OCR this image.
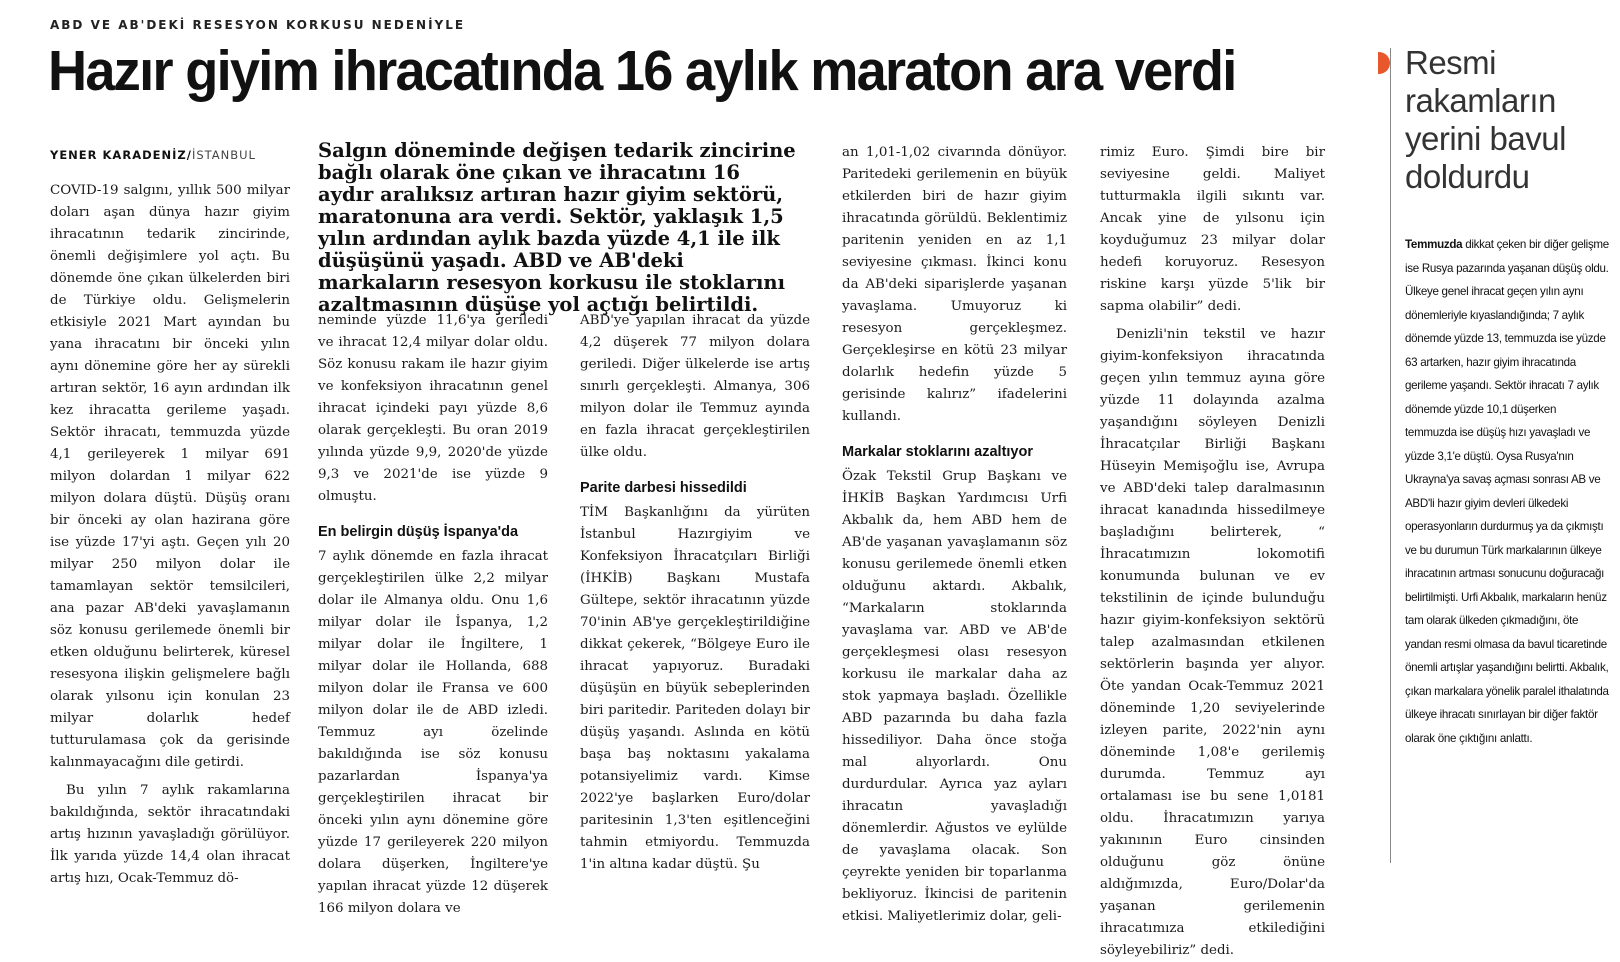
ABD VE AB'DEKİ RESESYON KORKUSU NEDENİYLE
Hazır giyim ihracatında 16 aylık maraton ara verdi
YENER KARADENİZ/İSTANBUL	Salgın döneminde değişen tedarik zincirine bağlı olarak öne çıkan ve ihracatını 16 aydır aralıksız artıran hazır giyim sektörü, maratonuna ara verdi. Sektör, yaklaşık 1,5 yılın ardından aylık bazda yüzde 4,1 ile ilk düşüşünü yaşadı. ABD ve AB'deki markaların resesyon korkusu ile stoklarını azaltmasının düşüşe yol açtığı belirtildi.

COVID-19 salgını, yıllık 500 milyar doları aşan dünya hazır giyim ihracatının tedarik zincirinde, önemli değişimlere yol açtı. Bu dönemde öne çıkan ülkelerden biri de Türkiye oldu. Gelişmelerin etkisiyle 2021 Mart ayından bu yana ihracatını bir önceki yılın aynı dönemine göre her ay sürekli artıran sektör, 16 ayın ardından ilk kez ihracatta gerileme yaşadı. Sektör ihracatı, temmuzda yüzde 4,1 gerileyerek 1 milyar 691 milyon dolardan 1 milyar 622 milyon dolara düştü. Düşüş oranı bir önceki ay olan hazirana göre ise yüzde 17'yi aştı. Geçen yılı 20 milyar 250 milyon dolar ile tamamlayan sektör temsilcileri, ana pazar AB'deki yavaşlamanın söz konusu gerilemede önemli bir etken olduğunu belirterek, küresel resesyona ilişkin gelişmelere bağlı olarak yılsonu için konulan 23 milyar dolarlık hedef tutturulamasa çok da gerisinde kalınmayacağını dile getirdi.

Bu yılın 7 aylık rakamlarına bakıldığında, sektör ihracatındaki artış hızının yavaşladığı görülüyor. İlk yarıda yüzde 14,4 olan ihracat artış hızı, Ocak-Temmuz dö-

neminde yüzde 11,6'ya geriledi ve ihracat 12,4 milyar dolar oldu. Söz konusu rakam ile hazır giyim ve konfeksiyon ihracatının genel ihracat içindeki payı yüzde 8,6 olarak gerçekleşti. Bu oran 2019 yılında yüzde 9,9, 2020'de yüzde 9,3 ve 2021'de ise yüzde 9 olmuştu.

En belirgin düşüş İspanya'da

7 aylık dönemde en fazla ihracat gerçekleştirilen ülke 2,2 milyar dolar ile Almanya oldu. Onu 1,6 milyar dolar ile İspanya, 1,2 milyar dolar ile İngiltere, 1 milyar dolar ile Hollanda, 688 milyon dolar ile Fransa ve 600 milyon dolar ile de ABD izledi. Temmuz ayı özelinde bakıldığında ise söz konusu pazarlardan İspanya'ya gerçekleştirilen ihracat bir önceki yılın aynı dönemine göre yüzde 17 gerileyerek 220 milyon dolara düşerken, İngiltere'ye yapılan ihracat yüzde 12 düşerek 166 milyon dolara ve

ABD'ye yapılan ihracat da yüzde 4,2 düşerek 77 milyon dolara geriledi. Diğer ülkelerde ise artış sınırlı gerçekleşti. Almanya, 306 milyon dolar ile Temmuz ayında en fazla ihracat gerçekleştirilen ülke oldu.

Parite darbesi hissedildi

TİM Başkanlığını da yürüten İstanbul Hazırgiyim ve Konfeksiyon İhracatçıları Birliği (İHKİB) Başkanı Mustafa Gültepe, sektör ihracatının yüzde 70'inin AB'ye gerçekleştirildiğine dikkat çekerek, “Bölgeye Euro ile ihracat yapıyoruz. Buradaki düşüşün en büyük sebeplerinden biri paritedir. Pariteden dolayı bir düşüş yaşandı. Aslında en kötü başa baş noktasını yakalama potansiyelimiz vardı. Kimse 2022'ye başlarken Euro/dolar paritesinin 1,3'ten eşitlenceğini tahmin etmiyordu. Temmuzda 1'in altına kadar düştü. Şu

an 1,01-1,02 civarında dönüyor. Paritedeki gerilemenin en büyük etkilerden biri de hazır giyim ihracatında görüldü. Beklentimiz paritenin yeniden en az 1,1 seviyesine çıkması. İkinci konu da AB'deki siparişlerde yaşanan yavaşlama. Umuyoruz ki resesyon gerçekleşmez. Gerçekleşirse en kötü 23 milyar dolarlık hedefin yüzde 5 gerisinde kalırız” ifadelerini kullandı.

Markalar stoklarını azaltıyor

Özak Tekstil Grup Başkanı ve İHKİB Başkan Yardımcısı Urfi Akbalık da, hem ABD hem de AB'de yaşanan yavaşlamanın söz konusu gerilemede önemli etken olduğunu aktardı. Akbalık, “Markaların stoklarında yavaşlama var. ABD ve AB'de gerçekleşmesi olası resesyon korkusu ile markalar daha az stok yapmaya başladı. Özellikle ABD pazarında bu daha fazla hissediliyor. Daha önce stoğa mal alıyorlardı. Onu durdurdular. Ayrıca yaz ayları ihracatın yavaşladığı dönemlerdir. Ağustos ve eylülde de yavaşlama olacak. Son çeyrekte yeniden bir toparlanma bekliyoruz. İkincisi de paritenin etkisi. Maliyetlerimiz dolar, geli-

rimiz Euro. Şimdi bire bir seviyesine geldi. Maliyet tutturmakla ilgili sıkıntı var. Ancak yine de yılsonu için koyduğumuz 23 milyar dolar hedefi koruyoruz. Resesyon riskine karşı yüzde 5'lik bir sapma olabilir” dedi.

Denizli'nin tekstil ve hazır giyim-konfeksiyon ihracatında geçen yılın temmuz ayına göre yüzde 11 dolayında azalma yaşandığını söyleyen Denizli İhracatçılar Birliği Başkanı Hüseyin Memişoğlu ise, Avrupa ve ABD'deki talep daralmasının ihracat kanadında hissedilmeye başladığını belirterek, “ İhracatımızın lokomotifi konumunda bulunan ve ev tekstilinin de içinde bulunduğu hazır giyim-konfeksiyon sektörü talep azalmasından etkilenen sektörlerin başında yer alıyor. Öte yandan Ocak-Temmuz 2021 döneminde 1,20 seviyelerinde izleyen parite, 2022'nin aynı döneminde 1,08'e gerilemiş durumda. Temmuz ayı ortalaması ise bu sene 1,0181 oldu. İhracatımızın yarıya yakınının Euro cinsinden olduğunu göz önüne aldığımızda, Euro/Dolar'da yaşanan gerilemenin ihracatımıza etkilediğini söyleyebiliriz” dedi.

Resmi rakamların yerini bavul doldurdu
Temmuzda dikkat çeken bir diğer gelişme ise Rusya pazarında yaşanan düşüş oldu. Ülkeye genel ihracat geçen yılın aynı dönemleriyle kıyaslandığında; 7 aylık dönemde yüzde 13, temmuzda ise yüzde 63 artarken, hazır giyim ihracatında gerileme yaşandı. Sektör ihracatı 7 aylık dönemde yüzde 10,1 düşerken temmuzda ise düşüş hızı yavaşladı ve yüzde 3,1'e düştü. Oysa Rusya'nın Ukrayna'ya savaş açması sonrası AB ve ABD'li hazır giyim devleri ülkedeki operasyonların durdurmuş ya da çıkmıştı ve bu durumun Türk markalarının ülkeye ihracatının artması sonucunu doğuracağı belirtilmişti. Urfi Akbalık, markaların henüz tam olarak ülkeden çıkmadığını, öte yandan resmi olmasa da bavul ticaretinde önemli artışlar yaşandığını belirtti. Akbalık, çıkan markalara yönelik paralel ithalatında ülkeye ihracatı sınırlayan bir diğer faktör olarak öne çıktığını anlattı.
